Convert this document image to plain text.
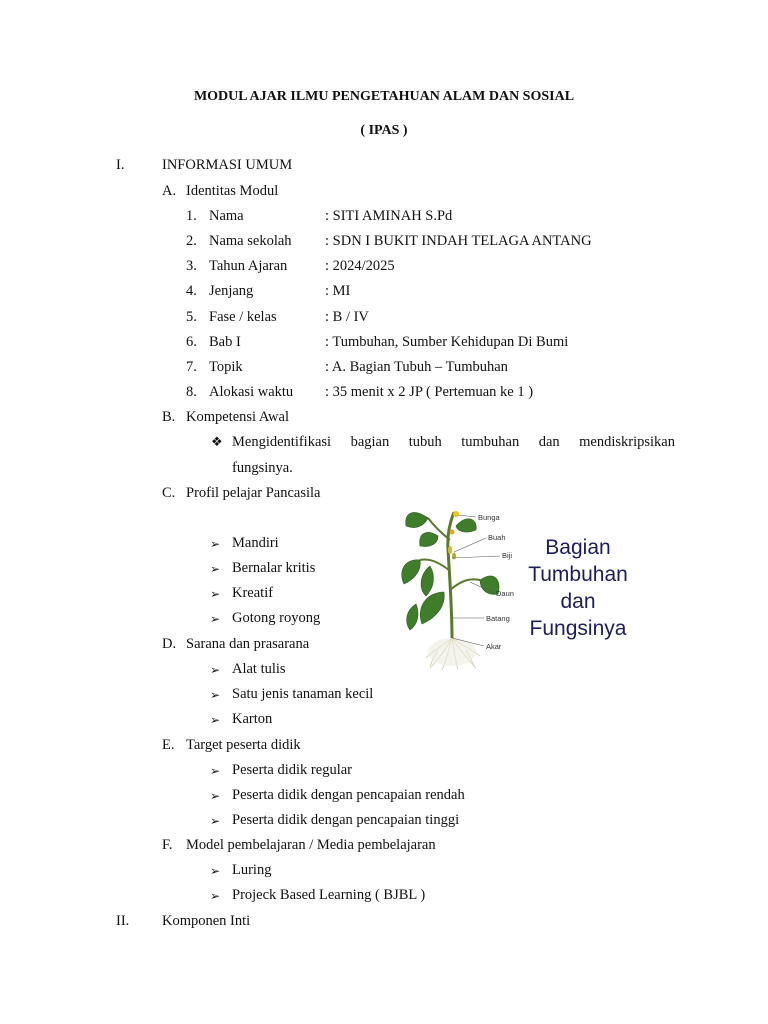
MODUL AJAR ILMU PENGETAHUAN ALAM DAN SOSIAL
( IPAS )
I.	INFORMASI UMUM
A. Identitas Modul
1. Nama	: SITI AMINAH S.Pd
2. Nama sekolah : SDN I BUKIT INDAH TELAGA ANTANG
3. Tahun Ajaran	: 2024/2025
4. Jenjang	: MI
5. Fase / kelas	: B / IV
6. Bab I	: Tumbuhan, Sumber Kehidupan Di Bumi
7. Topik	: A. Bagian Tubuh – Tumbuhan
8. Alokasi waktu : 35 menit x 2 JP ( Pertemuan ke 1 )
B. Kompetensi Awal
❖ Mengidentifikasi bagian tubuh tumbuhan dan mendiskripsikan
fungsinya.
C. Profil pelajar Pancasila
➢ Mandiri
➢ Bernalar kritis
➢ Kreatif
➢ Gotong royong
D. Sarana dan prasarana
➢ Alat tulis
➢ Satu jenis tanaman kecil
➢ Karton
E. Target peserta didik
➢ Peserta didik regular
➢ Peserta didik dengan pencapaian rendah
➢ Peserta didik dengan pencapaian tinggi
F. Model pembelajaran / Media pembelajaran
➢ Luring
➢ Projeck Based Learning ( BJBL )
II. Komponen Inti
Bunga
Buah
Biji
Daun
Batang
Akar
Bagian
Tumbuhan
dan
Fungsinya
